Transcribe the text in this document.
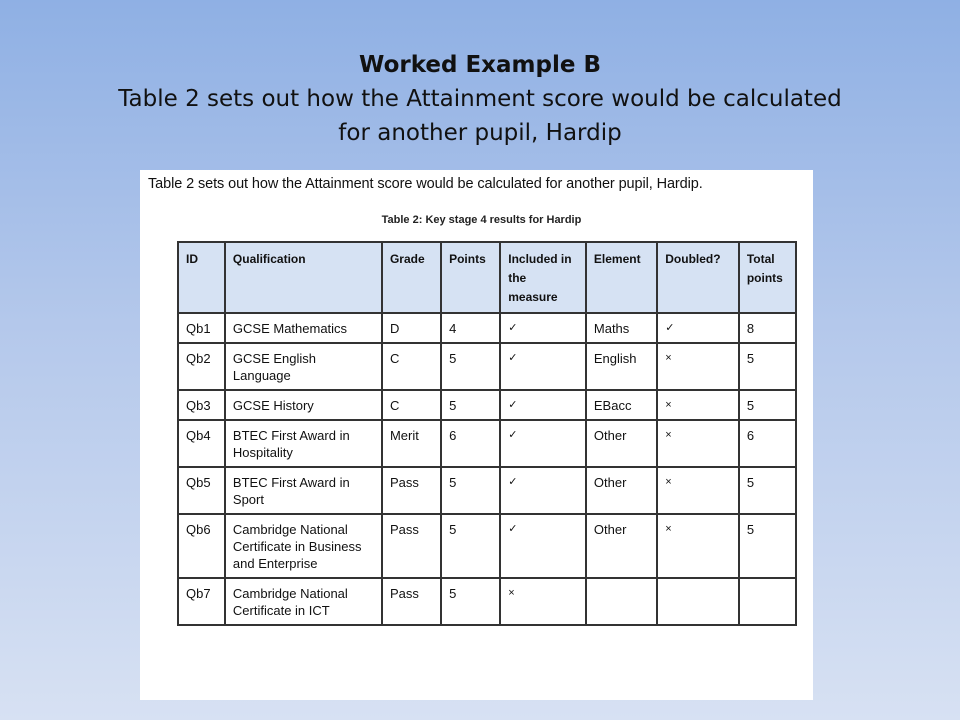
Worked Example B
Table 2 sets out how the Attainment score would be calculated
for another pupil, Hardip
Table 2 sets out how the Attainment score would be calculated for another pupil, Hardip.
Table 2: Key stage 4 results for Hardip
ID	Qualification	Grade	Points	Included in the measure	Element	Doubled?	Total points
Qb1	GCSE Mathematics	D	4	✓	Maths	✓	8
Qb2	GCSE English Language	C	5	✓	English	×	5
Qb3	GCSE History	C	5	✓	EBacc	×	5
Qb4	BTEC First Award in Hospitality	Merit	6	✓	Other	×	6
Qb5	BTEC First Award in Sport	Pass	5	✓	Other	×	5
Qb6	Cambridge National Certificate in Business and Enterprise	Pass	5	✓	Other	×	5
Qb7	Cambridge National Certificate in ICT	Pass	5	×			
